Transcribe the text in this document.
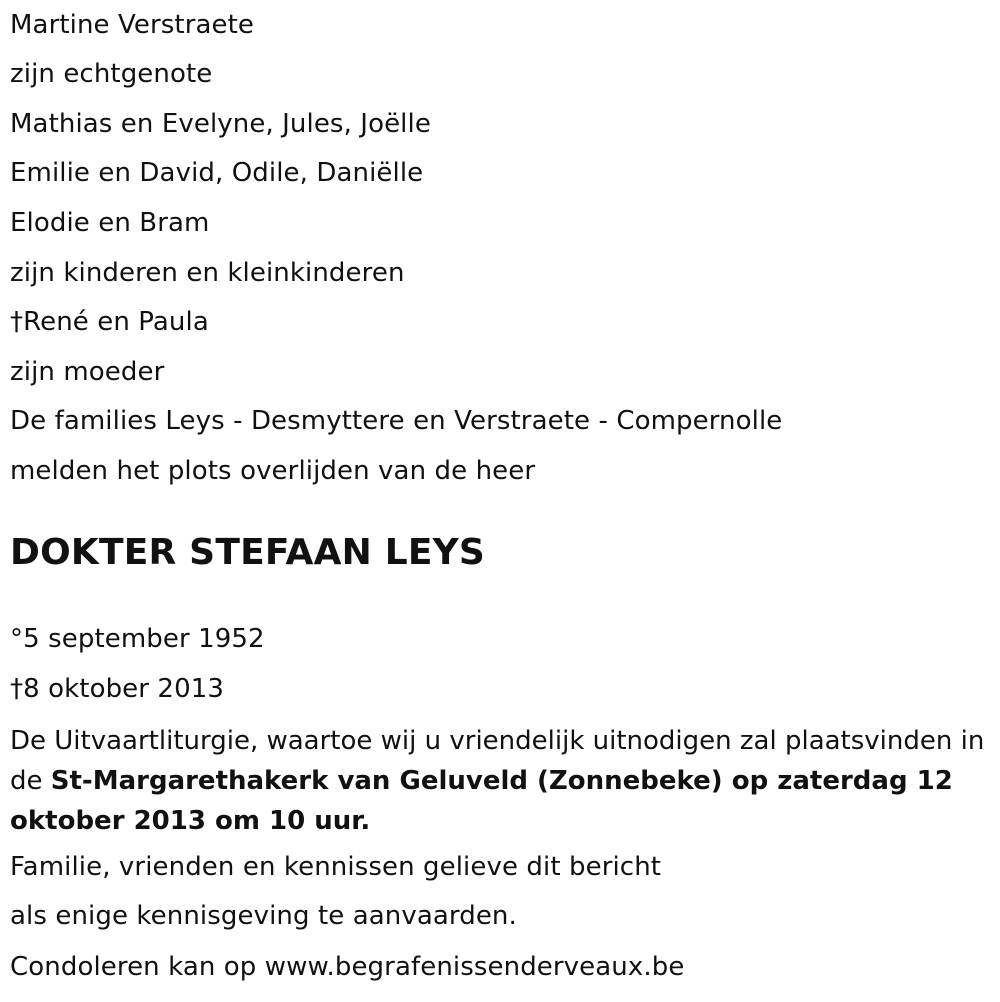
Martine Verstraete
zijn echtgenote
Mathias en Evelyne, Jules, Joëlle
Emilie en David, Odile, Daniëlle
Elodie en Bram
zijn kinderen en kleinkinderen
†René en Paula
zijn moeder
De families Leys - Desmyttere en Verstraete - Compernolle
melden het plots overlijden van de heer
DOKTER STEFAAN LEYS
°5 september 1952
†8 oktober 2013
De Uitvaartliturgie, waartoe wij u vriendelijk uitnodigen zal plaatsvinden in de St-Margarethakerk van Geluveld (Zonnebeke) op zaterdag 12 oktober 2013 om 10 uur.
Familie, vrienden en kennissen gelieve dit bericht
als enige kennisgeving te aanvaarden.
Condoleren kan op www.begrafenissenderveaux.be
